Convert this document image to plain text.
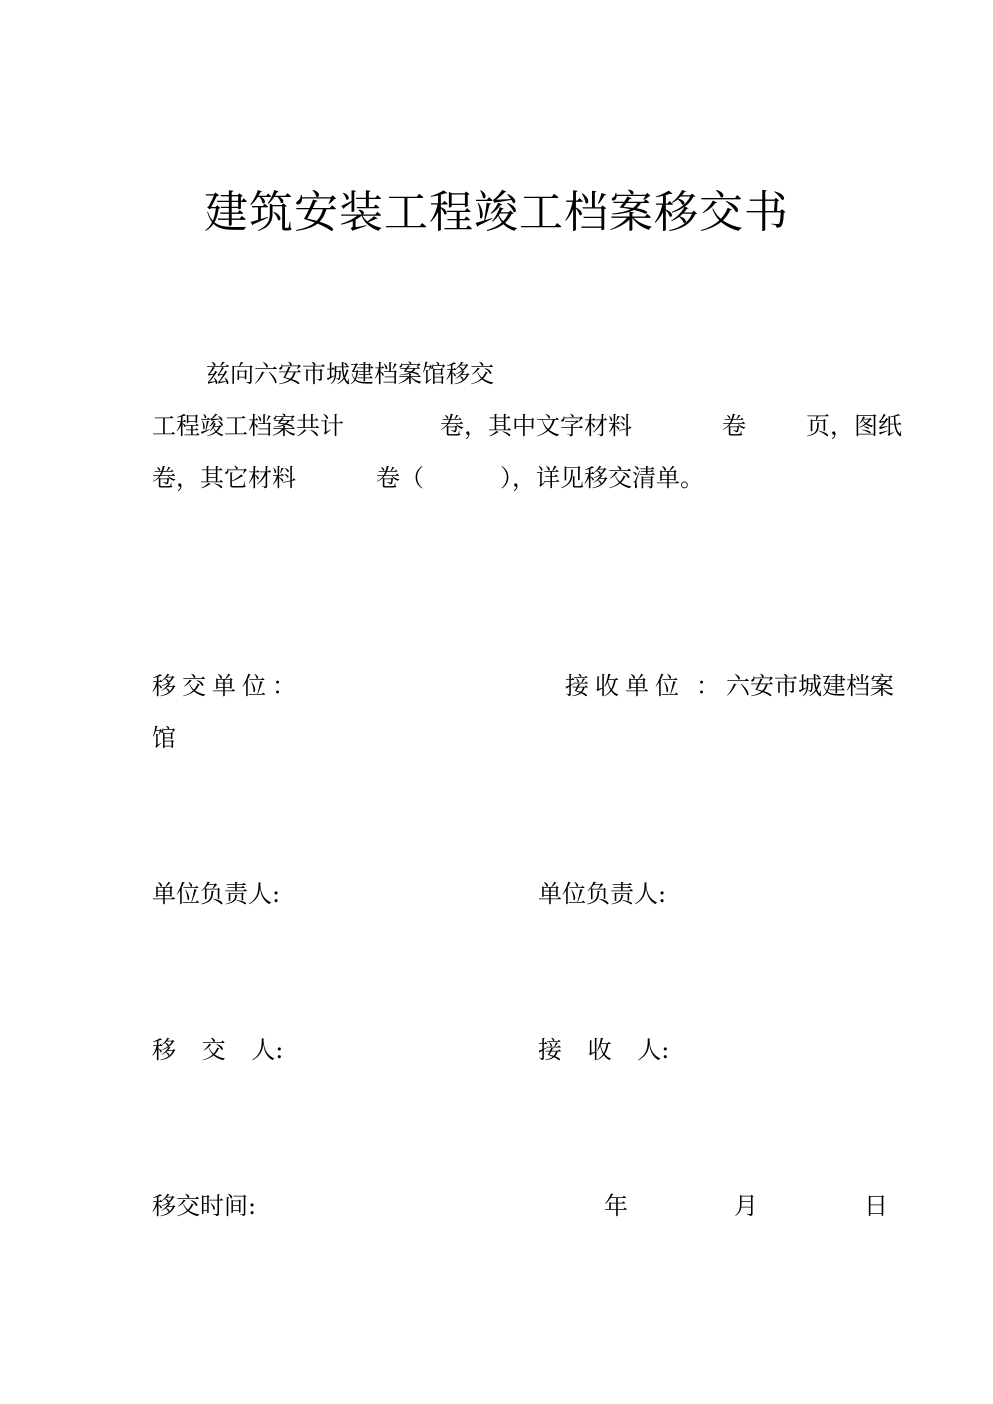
建筑安装工程竣工档案移交书
兹向六安市城建档案馆移交
工程竣工档案共计	卷，其中文字材料	卷	页，图纸
卷，其它材料	卷（	），详见移交清单。
移交单位：	接收单位 ： 六安市城建档案
馆
单位负责人:	单位负责人:
移 交 人:	接 收 人:
移交时间:	年	月	日
